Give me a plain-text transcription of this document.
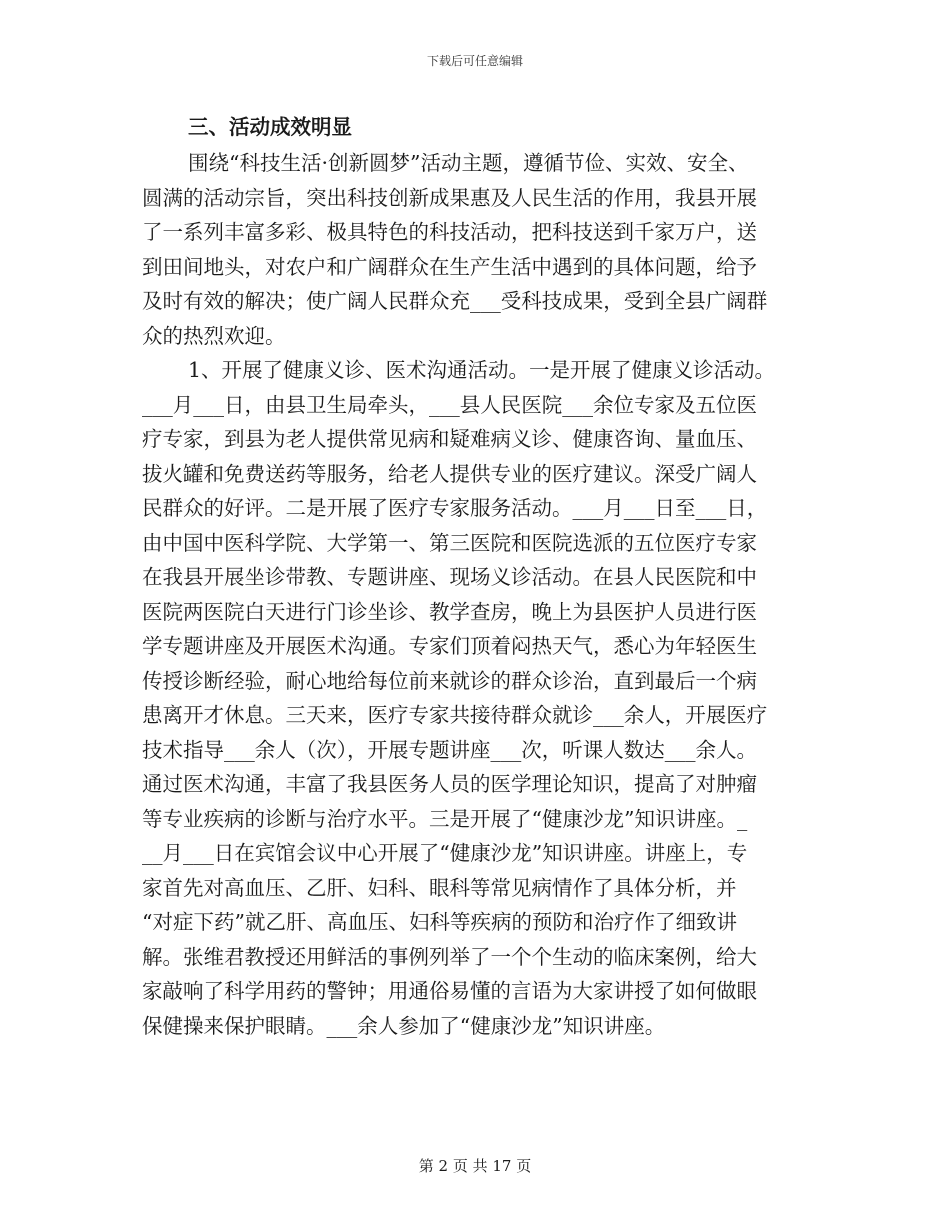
下载后可任意编辑
三、活动成效明显

围绕“科技生活·创新圆梦”活动主题，遵循节俭、实效、安全、
圆满的活动宗旨，突出科技创新成果惠及人民生活的作用，我县开展
了一系列丰富多彩、极具特色的科技活动，把科技送到千家万户，送
到田间地头，对农户和广阔群众在生产生活中遇到的具体问题，给予
及时有效的解决；使广阔人民群众充___受科技成果，受到全县广阔群
众的热烈欢迎。

1、开展了健康义诊、医术沟通活动。一是开展了健康义诊活动。
___月___日，由县卫生局牵头，___县人民医院___余位专家及五位医
疗专家，到县为老人提供常见病和疑难病义诊、健康咨询、量血压、
拔火罐和免费送药等服务，给老人提供专业的医疗建议。深受广阔人
民群众的好评。二是开展了医疗专家服务活动。___月___日至___日，
由中国中医科学院、大学第一、第三医院和医院选派的五位医疗专家
在我县开展坐诊带教、专题讲座、现场义诊活动。在县人民医院和中
医院两医院白天进行门诊坐诊、教学查房，晚上为县医护人员进行医
学专题讲座及开展医术沟通。专家们顶着闷热天气，悉心为年轻医生
传授诊断经验，耐心地给每位前来就诊的群众诊治，直到最后一个病
患离开才休息。三天来，医疗专家共接待群众就诊___余人，开展医疗
技术指导___余人（次），开展专题讲座___次，听课人数达___余人。
通过医术沟通，丰富了我县医务人员的医学理论知识，提高了对肿瘤
等专业疾病的诊断与治疗水平。三是开展了“健康沙龙”知识讲座。_
__月___日在宾馆会议中心开展了“健康沙龙”知识讲座。讲座上，专
家首先对高血压、乙肝、妇科、眼科等常见病情作了具体分析，并
“对症下药”就乙肝、高血压、妇科等疾病的预防和治疗作了细致讲
解。张维君教授还用鲜活的事例列举了一个个生动的临床案例，给大
家敲响了科学用药的警钟；用通俗易懂的言语为大家讲授了如何做眼
保健操来保护眼睛。___余人参加了“健康沙龙”知识讲座。

第 2 页 共 17 页
